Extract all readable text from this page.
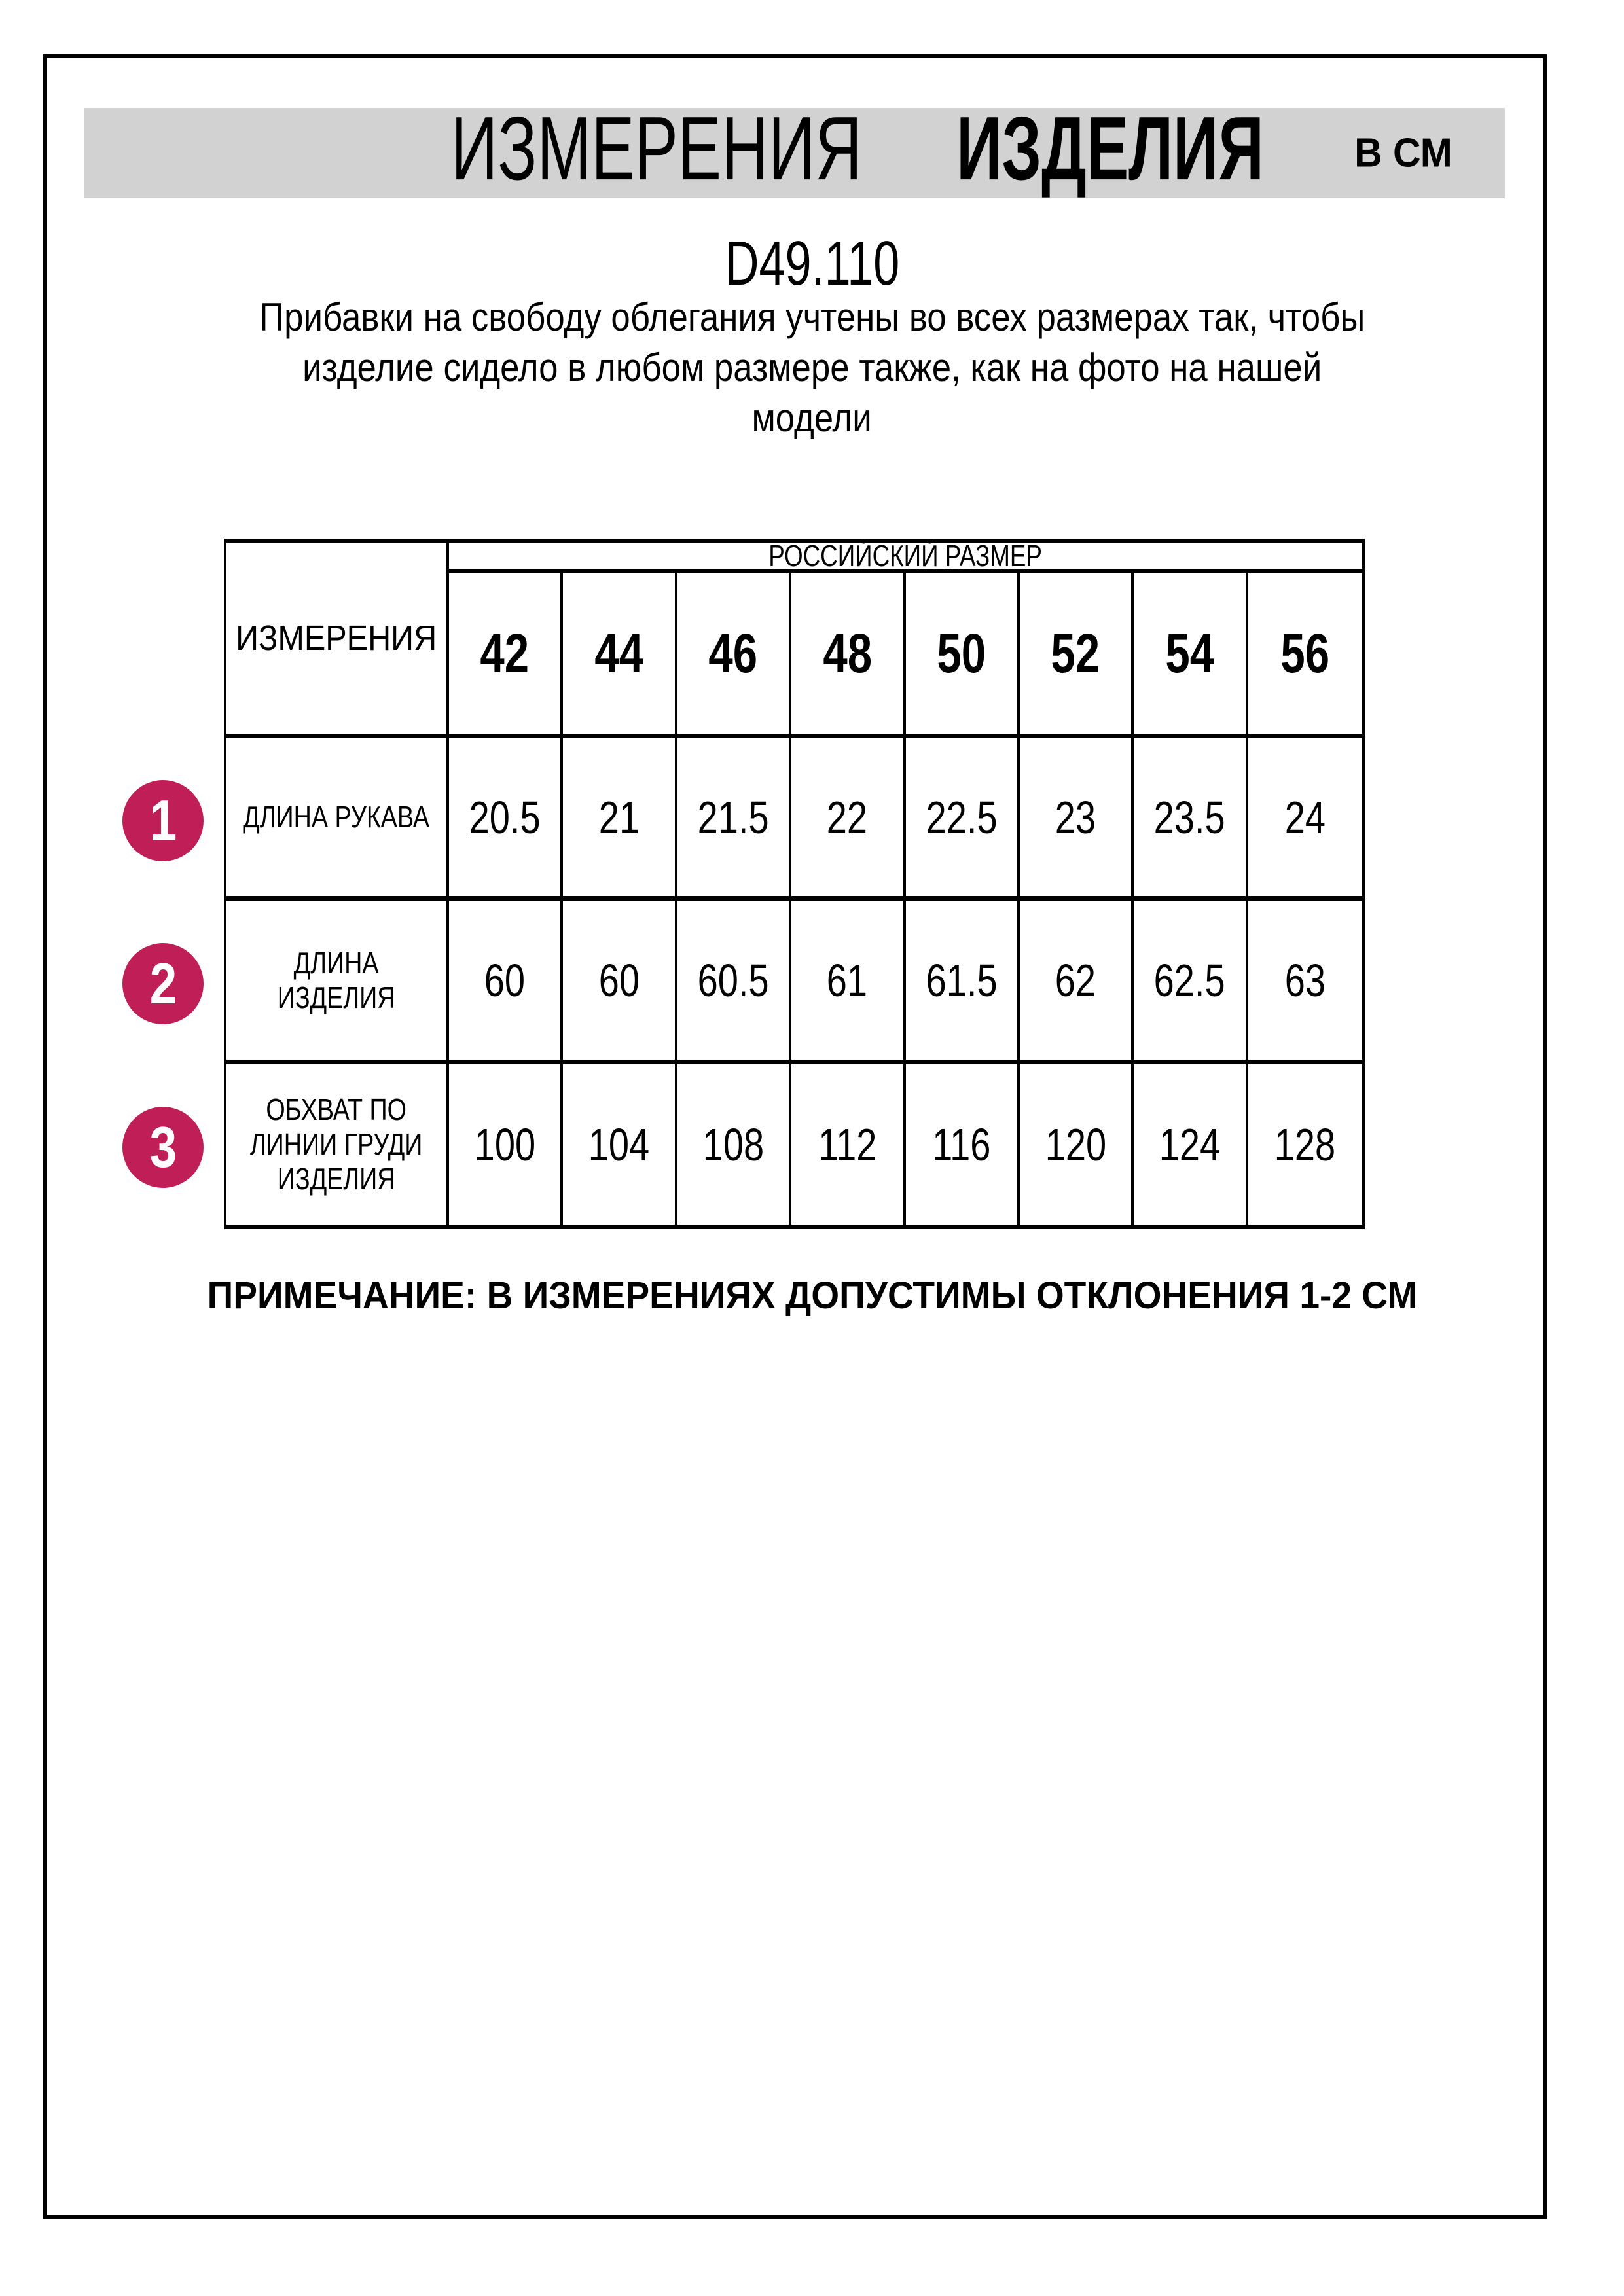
ИЗМЕРЕНИЯ ИЗДЕЛИЯ В СМ
D49.110
Прибавки на свободу облегания учтены во всех размерах так, чтобы
изделие сидело в любом размере также, как на фото на нашей
модели
ИЗМЕРЕНИЯ
РОССИЙСКИЙ РАЗМЕР
42 44 46 48 50 52 54 56
ДЛИНА РУКАВА 20.5 21 21.5 22 22.5 23 23.5 24
ДЛИНА
ИЗДЕЛИЯ 60 60 60.5 61 61.5 62 62.5 63
ОБХВАТ ПО
ЛИНИИ ГРУДИ
ИЗДЕЛИЯ
100 104 108 112 116 120 124 128
1
2
3
ПРИМЕЧАНИЕ: В ИЗМЕРЕНИЯХ ДОПУСТИМЫ ОТКЛОНЕНИЯ 1-2 СМ
